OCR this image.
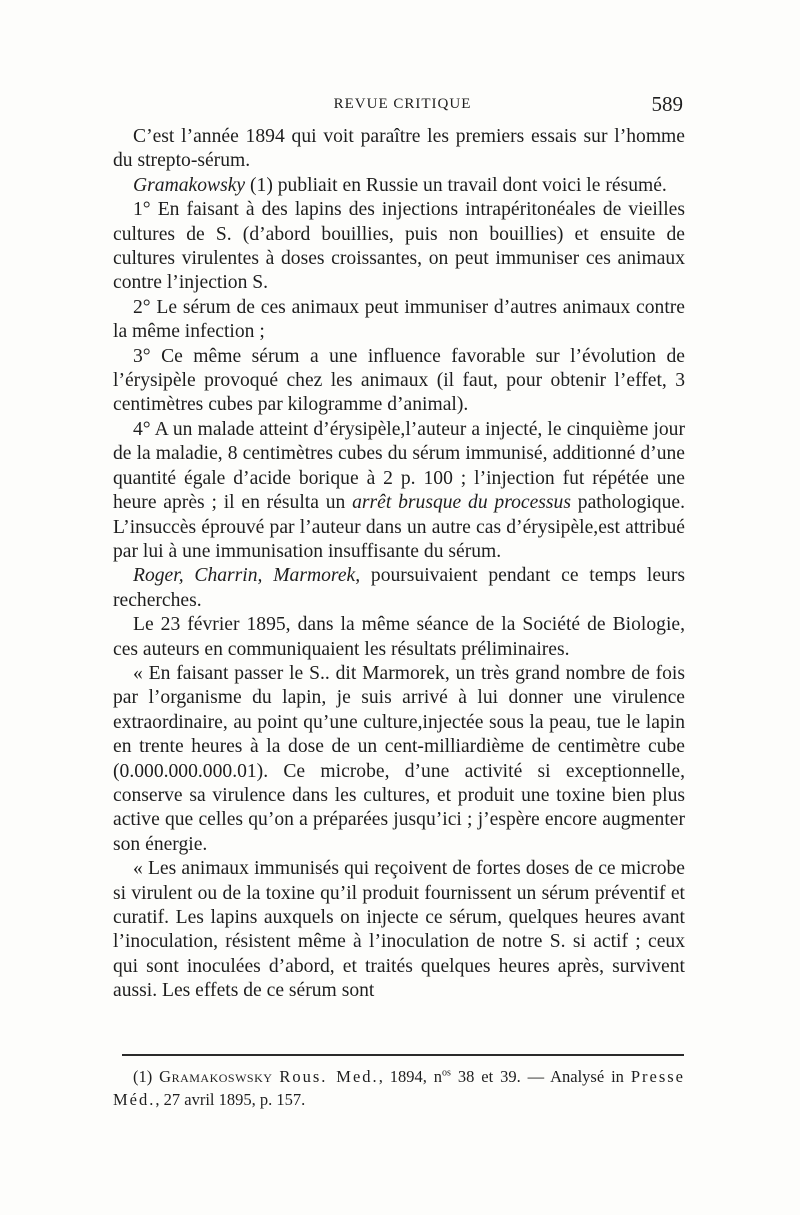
REVUE CRITIQUE	589

C’est l’année 1894 qui voit paraître les premiers essais sur l’homme du strepto-sérum.

Gramakowsky (1) publiait en Russie un travail dont voici le résumé.

1° En faisant à des lapins des injections intrapéritonéales de vieilles cultures de S. (d’abord bouillies, puis non bouillies) et ensuite de cultures virulentes à doses croissantes, on peut immuniser ces animaux contre l’injection S.

2° Le sérum de ces animaux peut immuniser d’autres animaux contre la même infection ;

3° Ce même sérum a une influence favorable sur l’évolution de l’érysipèle provoqué chez les animaux (il faut, pour obtenir l’effet, 3 centimètres cubes par kilogramme d’animal).

4° A un malade atteint d’érysipèle,l’auteur a injecté, le cinquième jour de la maladie, 8 centimètres cubes du sérum immunisé, additionné d’une quantité égale d’acide borique à 2 p. 100 ; l’injection fut répétée une heure après ; il en résulta un arrêt brusque du processus pathologique. L’insuccès éprouvé par l’auteur dans un autre cas d’érysipèle,est attribué par lui à une immunisation insuffisante du sérum.

Roger, Charrin, Marmorek, poursuivaient pendant ce temps leurs recherches.

Le 23 février 1895, dans la même séance de la Société de Biologie, ces auteurs en communiquaient les résultats préliminaires.

« En faisant passer le S.. dit Marmorek, un très grand nombre de fois par l’organisme du lapin, je suis arrivé à lui donner une virulence extraordinaire, au point qu’une culture,injectée sous la peau, tue le lapin en trente heures à la dose de un cent-milliardième de centimètre cube (0.000.000.000.01). Ce microbe, d’une activité si exceptionnelle, conserve sa virulence dans les cultures, et produit une toxine bien plus active que celles qu’on a préparées jusqu’ici ; j’espère encore augmenter son énergie.

« Les animaux immunisés qui reçoivent de fortes doses de ce microbe si virulent ou de la toxine qu’il produit fournissent un sérum préventif et curatif. Les lapins auxquels on injecte ce sérum, quelques heures avant l’inoculation, résistent même à l’inoculation de notre S. si actif ; ceux qui sont inoculées d’abord, et traités quelques heures après, survivent aussi. Les effets de ce sérum sont

(1) Gramakoswsky Rous. Med., 1894, $n^{os}$ 38 et 39. — Analysé in Presse Méd., 27 avril 1895, p. 157.
